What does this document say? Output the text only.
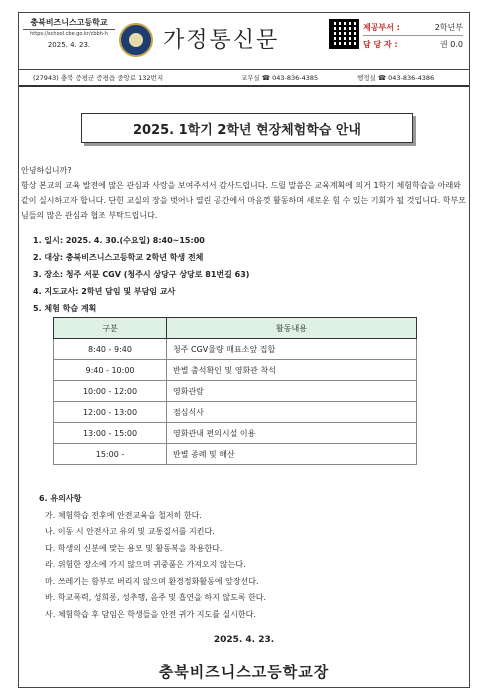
충북비즈니스고등학교
https://school.cbe.go.kr/cbbh-h
2025. 4. 23.	가정통신문
제공부서 :	2학년부
담 당 자 :	권 0.0
(27943) 충북 증평군 증평읍 중앙로 132번지	교무실 ☎ 043-836-4385	행정실 ☎ 043-836-4386
2025. 1학기 2학년 현장체험학습 안내

안녕하십니까?

항상 본교의 교육 발전에 많은 관심과 사랑을 보여주셔서 감사드립니다. 드릴 말씀은 교육계획에 의거 1학기 체험학습을 아래와 같이 실시하고자 합니다. 단힌 교실의 장을 벗어나 열린 공간에서 마음껏 활동하며 새로운 힘 수 있는 기회가 될 것입니다. 학부모님들의 많은 관심과 협조 부탁드립니다.

1. 일시: 2025. 4. 30.(수요일) 8:40~15:00
2. 대상: 충북비즈니스고등학교 2학년 학생 전체
3. 장소: 청주 서문 CGV (청주시 상당구 상당로 81번길 63)
4. 지도교사: 2학년 담임 및 부담임 교사
5. 체험 학습 계획
구분	활동내용
8:40 - 9:40	청주 CGV율량 매표소앞 집합
9:40 - 10:00	반별 출석확인 및 영화관 착석
10:00 - 12:00	영화관람
12:00 - 13:00	점심식사
13:00 - 15:00	영화관내 편의시설 이용
15:00 -	반별 종례 및 해산
6. 유의사항
가. 체험학습 전후에 안전교육을 철저히 한다.
나. 이동 시 안전사고 유의 및 교통질서를 지킨다.
다. 학생의 신분에 맞는 용모 및 활동복을 착용한다.
라. 위험한 장소에 가지 않으며 귀중품은 가져오지 않는다.
마. 쓰레기는 함부로 버리지 않으며 환경정화활동에 앞장선다.
바. 학교폭력, 성희롱, 성추행, 음주 및 흡연을 하지 않도록 한다.
사. 체험학습 후 담임은 학생들을 안전 귀가 지도를 실시한다.
2025. 4. 23.
충북비즈니스고등학교장
